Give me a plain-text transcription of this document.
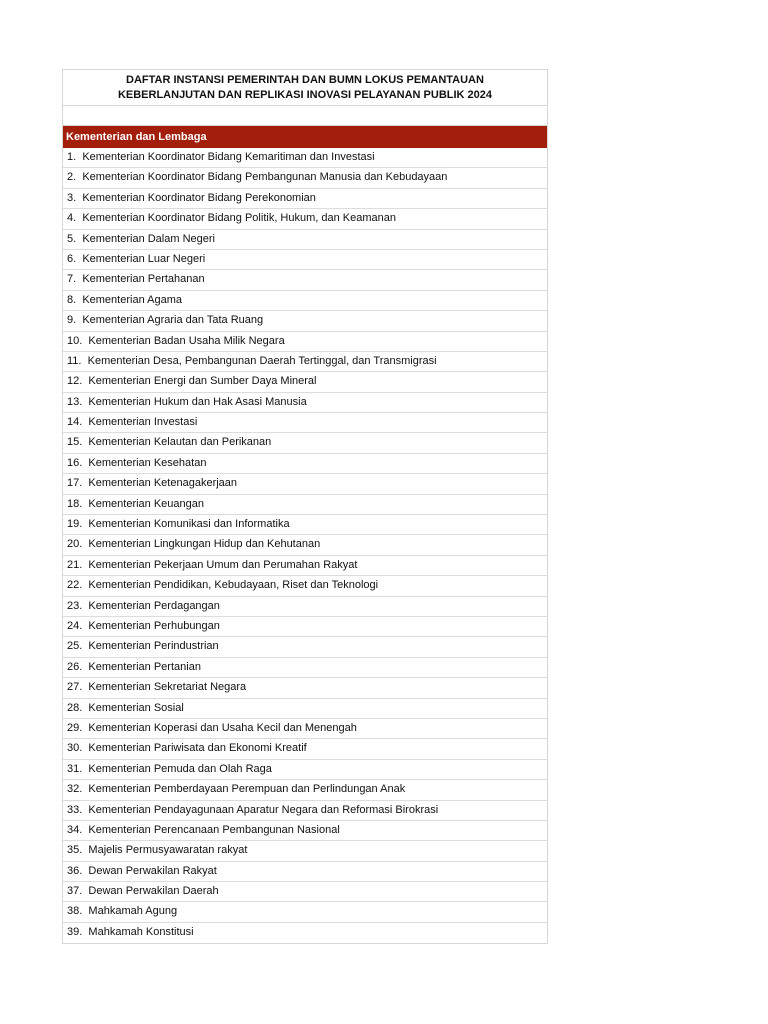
DAFTAR INSTANSI PEMERINTAH DAN BUMN LOKUS PEMANTAUAN
KEBERLANJUTAN DAN REPLIKASI INOVASI PELAYANAN PUBLIK 2024
Kementerian dan Lembaga
1. Kementerian Koordinator Bidang Kemaritiman dan Investasi
2. Kementerian Koordinator Bidang Pembangunan Manusia dan Kebudayaan
3. Kementerian Koordinator Bidang Perekonomian
4. Kementerian Koordinator Bidang Politik, Hukum, dan Keamanan
5. Kementerian Dalam Negeri
6. Kementerian Luar Negeri
7. Kementerian Pertahanan
8. Kementerian Agama
9. Kementerian Agraria dan Tata Ruang
10. Kementerian Badan Usaha Milik Negara
11. Kementerian Desa, Pembangunan Daerah Tertinggal, dan Transmigrasi
12. Kementerian Energi dan Sumber Daya Mineral
13. Kementerian Hukum dan Hak Asasi Manusia
14. Kementerian Investasi
15. Kementerian Kelautan dan Perikanan
16. Kementerian Kesehatan
17. Kementerian Ketenagakerjaan
18. Kementerian Keuangan
19. Kementerian Komunikasi dan Informatika
20. Kementerian Lingkungan Hidup dan Kehutanan
21. Kementerian Pekerjaan Umum dan Perumahan Rakyat
22. Kementerian Pendidikan, Kebudayaan, Riset dan Teknologi
23. Kementerian Perdagangan
24. Kementerian Perhubungan
25. Kementerian Perindustrian
26. Kementerian Pertanian
27. Kementerian Sekretariat Negara
28. Kementerian Sosial
29. Kementerian Koperasi dan Usaha Kecil dan Menengah
30. Kementerian Pariwisata dan Ekonomi Kreatif
31. Kementerian Pemuda dan Olah Raga
32. Kementerian Pemberdayaan Perempuan dan Perlindungan Anak
33. Kementerian Pendayagunaan Aparatur Negara dan Reformasi Birokrasi
34. Kementerian Perencanaan Pembangunan Nasional
35. Majelis Permusyawaratan rakyat
36. Dewan Perwakilan Rakyat
37. Dewan Perwakilan Daerah
38. Mahkamah Agung
39. Mahkamah Konstitusi
